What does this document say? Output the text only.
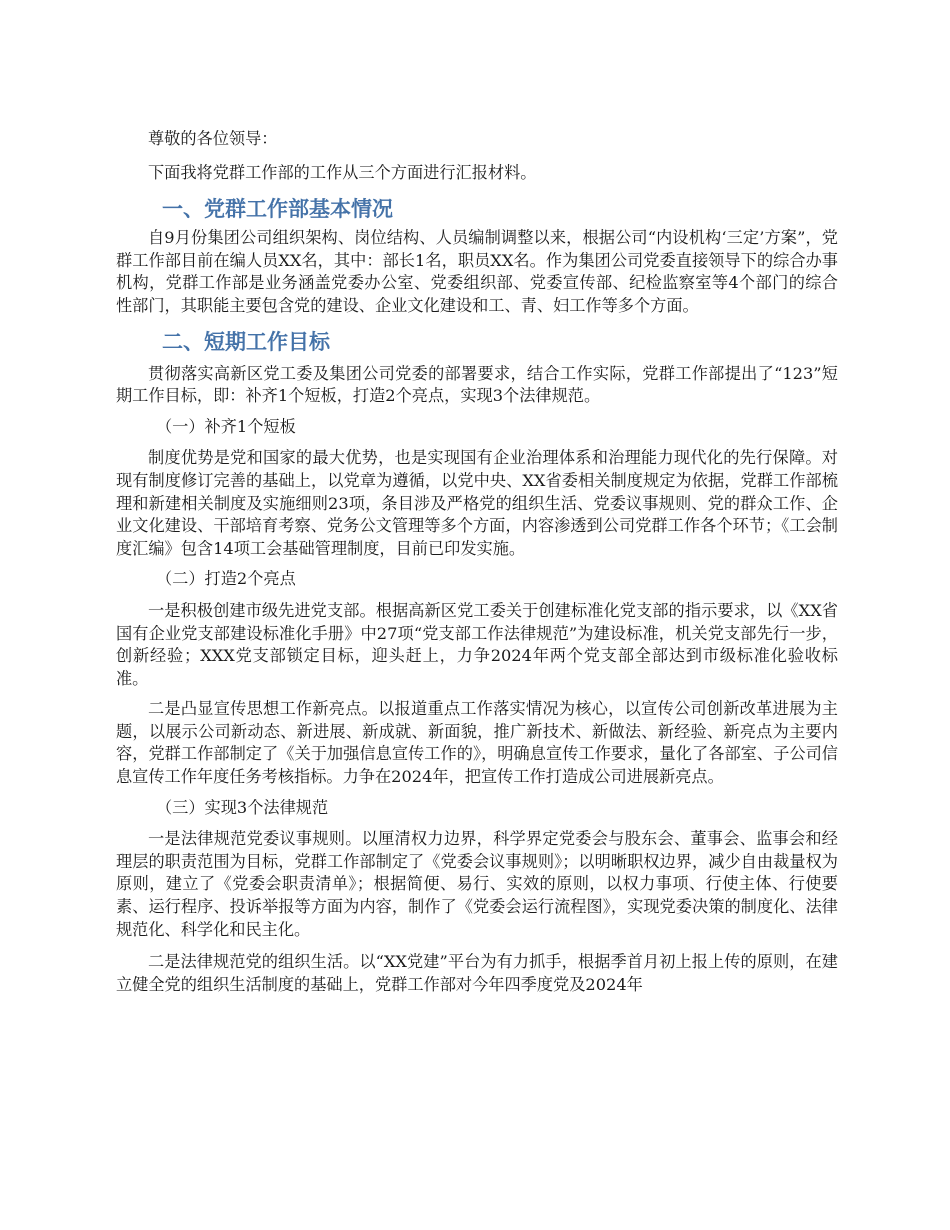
尊敬的各位领导：

下面我将党群工作部的工作从三个方面进行汇报材料。

一、党群工作部基本情况

自9月份集团公司组织架构、岗位结构、人员编制调整以来，根据公司“内设机构‘三定’方案”，党群工作部目前在编人员XX名，其中：部长1名，职员XX名。作为集团公司党委直接领导下的综合办事机构，党群工作部是业务涵盖党委办公室、党委组织部、党委宣传部、纪检监察室等4个部门的综合性部门，其职能主要包含党的建设、企业文化建设和工、青、妇工作等多个方面。

二、短期工作目标

贯彻落实高新区党工委及集团公司党委的部署要求，结合工作实际，党群工作部提出了“123”短期工作目标，即：补齐1个短板，打造2个亮点，实现3个法律规范。

（一）补齐1个短板

制度优势是党和国家的最大优势，也是实现国有企业治理体系和治理能力现代化的先行保障。对现有制度修订完善的基础上，以党章为遵循，以党中央、XX省委相关制度规定为依据，党群工作部梳理和新建相关制度及实施细则23项，条目涉及严格党的组织生活、党委议事规则、党的群众工作、企业文化建设、干部培育考察、党务公文管理等多个方面，内容渗透到公司党群工作各个环节；《工会制度汇编》包含14项工会基础管理制度，目前已印发实施。

（二）打造2个亮点

一是积极创建市级先进党支部。根据高新区党工委关于创建标准化党支部的指示要求，以《XX省国有企业党支部建设标准化手册》中27项“党支部工作法律规范”为建设标准，机关党支部先行一步，创新经验；XXX党支部锁定目标，迎头赶上，力争2024年两个党支部全部达到市级标准化验收标准。

二是凸显宣传思想工作新亮点。以报道重点工作落实情况为核心，以宣传公司创新改革进展为主题，以展示公司新动态、新进展、新成就、新面貌，推广新技术、新做法、新经验、新亮点为主要内容，党群工作部制定了《关于加强信息宣传工作的》，明确息宣传工作要求，量化了各部室、子公司信息宣传工作年度任务考核指标。力争在2024年，把宣传工作打造成公司进展新亮点。

（三）实现3个法律规范

一是法律规范党委议事规则。以厘清权力边界，科学界定党委会与股东会、董事会、监事会和经理层的职责范围为目标，党群工作部制定了《党委会议事规则》；以明晰职权边界，减少自由裁量权为原则，建立了《党委会职责清单》；根据简便、易行、实效的原则，以权力事项、行使主体、行使要素、运行程序、投诉举报等方面为内容，制作了《党委会运行流程图》，实现党委决策的制度化、法律规范化、科学化和民主化。

二是法律规范党的组织生活。以“XX党建”平台为有力抓手，根据季首月初上报上传的原则，在建立健全党的组织生活制度的基础上，党群工作部对今年四季度党及2024年
